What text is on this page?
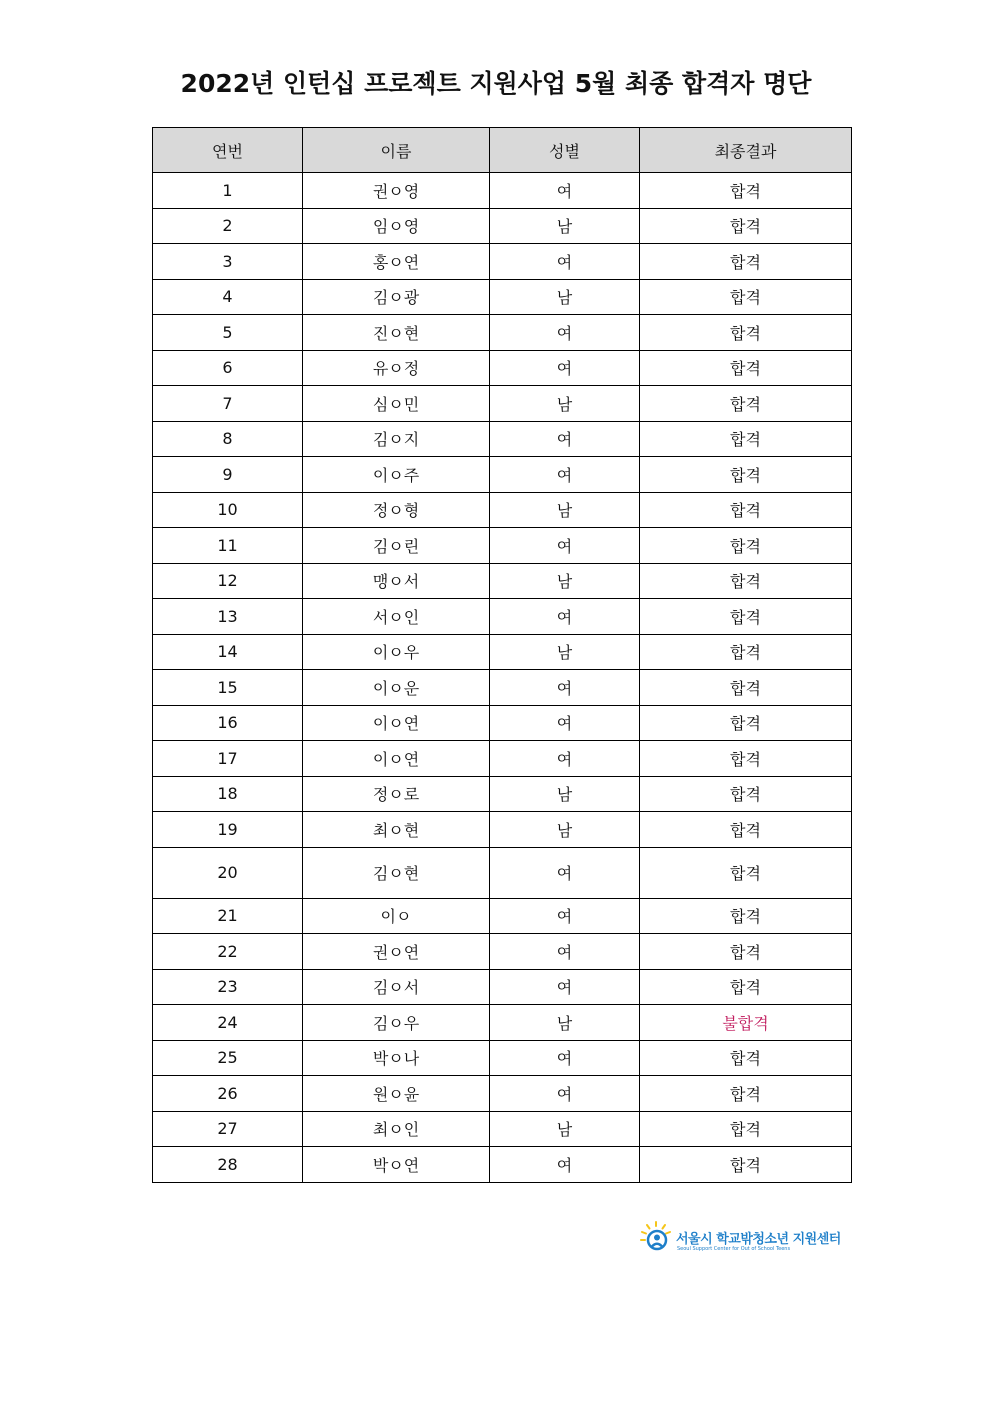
2022년 인턴십 프로젝트 지원사업 5월 최종 합격자 명단
연번	이름	성별	최종결과
1	권ㅇ영	여	합격
2	임ㅇ영	남	합격
3	홍ㅇ연	여	합격
4	김ㅇ광	남	합격
5	진ㅇ현	여	합격
6	유ㅇ정	여	합격
7	심ㅇ민	남	합격
8	김ㅇ지	여	합격
9	이ㅇ주	여	합격
10	정ㅇ형	남	합격
11	김ㅇ린	여	합격
12	맹ㅇ서	남	합격
13	서ㅇ인	여	합격
14	이ㅇ우	남	합격
15	이ㅇ운	여	합격
16	이ㅇ연	여	합격
17	이ㅇ연	여	합격
18	정ㅇ로	남	합격
19	최ㅇ현	남	합격
20	김ㅇ현	여	합격
21	이ㅇ	여	합격
22	권ㅇ연	여	합격
23	김ㅇ서	여	합격
24	김ㅇ우	남	불합격
25	박ㅇ나	여	합격
26	원ㅇ윤	여	합격
27	최ㅇ인	남	합격
28	박ㅇ연	여	합격
서울시 학교밖청소년 지원센터
Seoul Support Center for Out of School Teens
